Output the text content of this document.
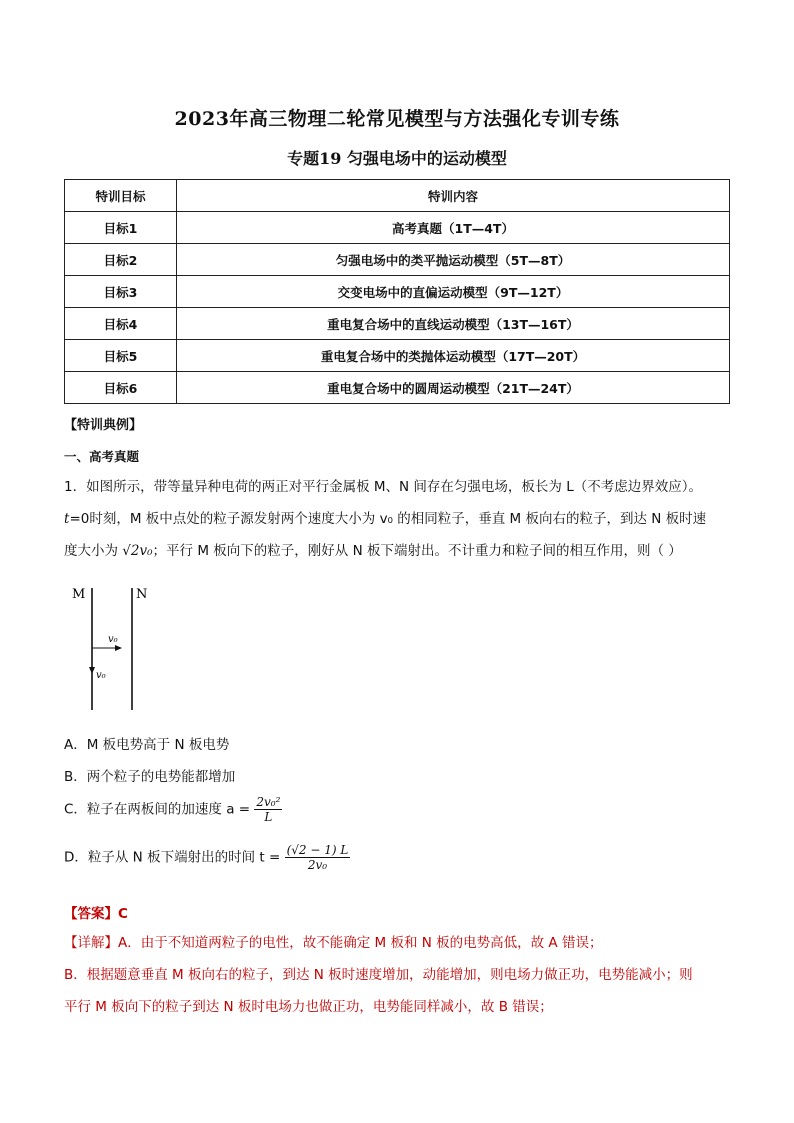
2023年高三物理二轮常见模型与方法强化专训专练
专题19 匀强电场中的运动模型
特训目标	特训内容
目标1	高考真题（1T—4T）
目标2	匀强电场中的类平抛运动模型（5T—8T）
目标3	交变电场中的直偏运动模型（9T—12T）
目标4	重电复合场中的直线运动模型（13T—16T）
目标5	重电复合场中的类抛体运动模型（17T—20T）
目标6	重电复合场中的圆周运动模型（21T—24T）
【特训典例】
一、高考真题
1．如图所示，带等量异种电荷的两正对平行金属板 M、N 间存在匀强电场，板长为 L（不考虑边界效应）。
t=0时刻，M 板中点处的粒子源发射两个速度大小为 v₀ 的相同粒子，垂直 M 板向右的粒子，到达 N 板时速
度大小为 √2v₀；平行 M 板向下的粒子，刚好从 N 板下端射出。不计重力和粒子间的相互作用，则（ ）
M	N
v₀
v₀
A．M 板电势高于 N 板电势
B．两个粒子的电势能都增加
C．粒子在两板间的加速度 $a = \frac{\text{2v₀²}}{L}$
D．粒子从 N 板下端射出的时间 $t = \frac{(√2 - 1) L}{\text{2v₀}}$
【答案】C
【详解】A．由于不知道两粒子的电性，故不能确定 M 板和 N 板的电势高低，故 A 错误；
B．根据题意垂直 M 板向右的粒子，到达 N 板时速度增加，动能增加，则电场力做正功，电势能减小；则
平行 M 板向下的粒子到达 N 板时电场力也做正功，电势能同样减小，故 B 错误；
